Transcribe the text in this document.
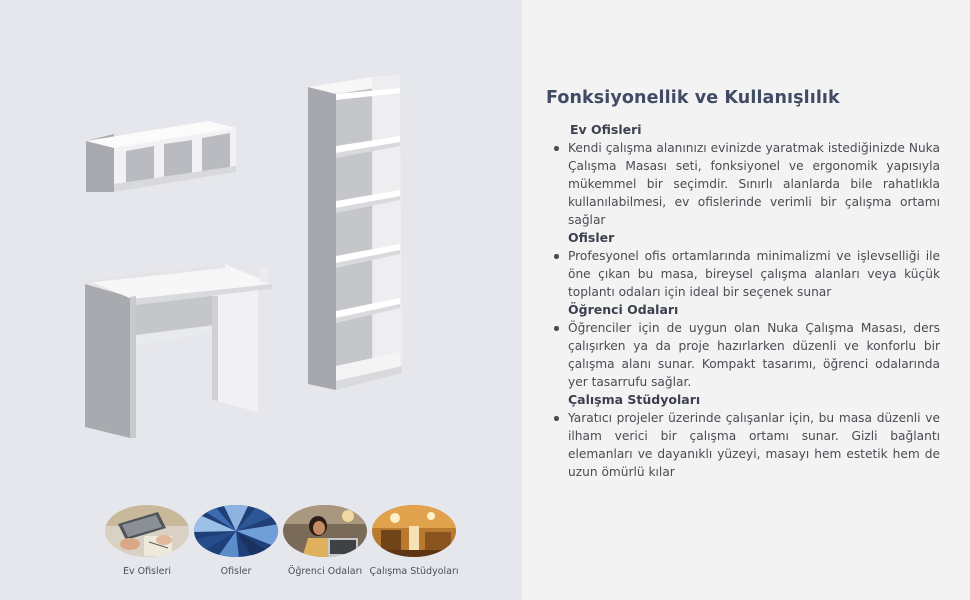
Ev Ofisleri	Ofisler	Öğrenci Odaları Çalışma Stüdyoları
Fonksiyonellik ve Kullanışlılık

Ev Ofisleri

Kendi çalışma alanınızı evinizde yaratmak istediğinizde Nuka Çalışma Masası seti, fonksiyonel ve ergonomik yapısıyla mükemmel bir seçimdir. Sınırlı alanlarda bile rahatlıkla kullanılabilmesi, ev ofislerinde verimli bir çalışma ortamı sağlar

Ofisler

Profesyonel ofis ortamlarında minimalizmi ve işlevselliği ile öne çıkan bu masa, bireysel çalışma alanları veya küçük toplantı odaları için ideal bir seçenek sunar

Öğrenci Odaları

Öğrenciler için de uygun olan Nuka Çalışma Masası, ders çalışırken ya da proje hazırlarken düzenli ve konforlu bir çalışma alanı sunar. Kompakt tasarımı, öğrenci odalarında yer tasarrufu sağlar.

Çalışma Stüdyoları

Yaratıcı projeler üzerinde çalışanlar için, bu masa düzenli ve ilham verici bir çalışma ortamı sunar. Gizli bağlantı elemanları ve dayanıklı yüzeyi, masayı hem estetik hem de uzun ömürlü kılar
